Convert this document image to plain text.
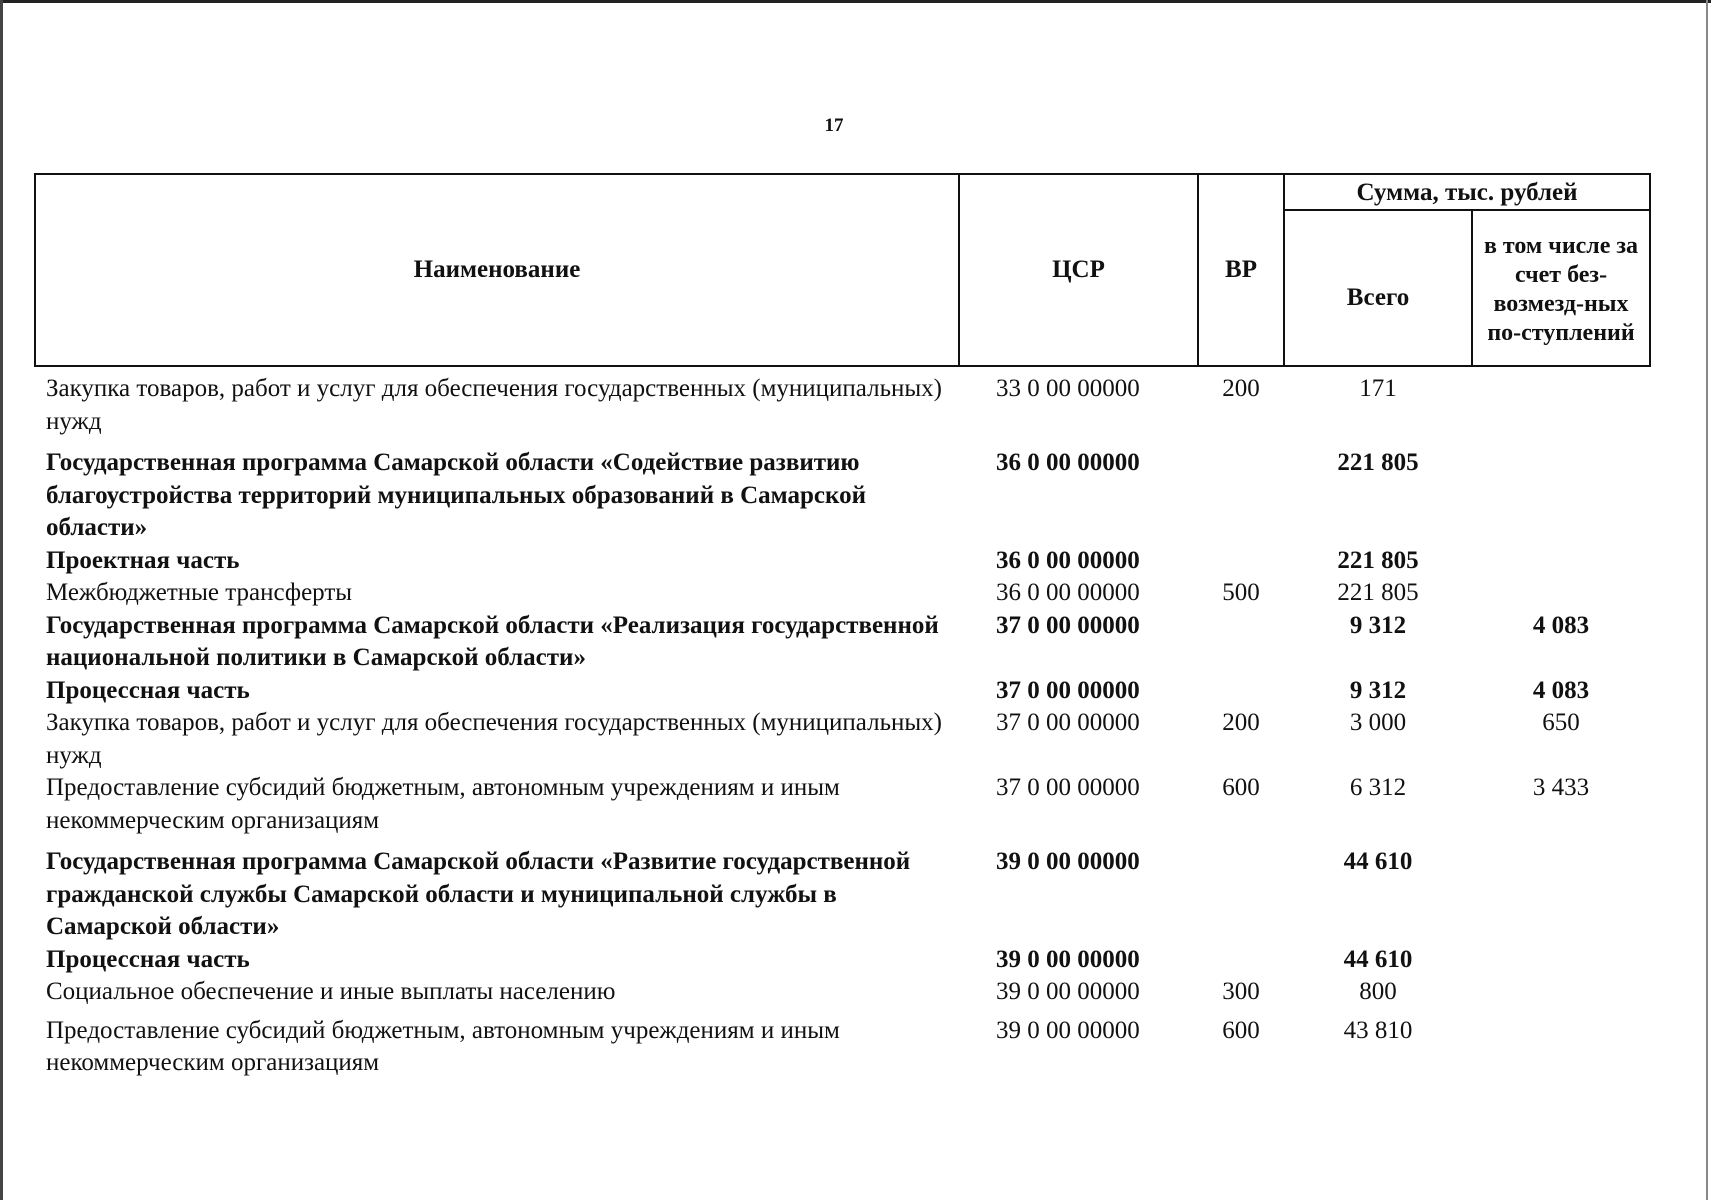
17
Наименование	ЦСР	ВР	Сумма, тыс. рублей	
			Всего	в том числе за счет без-возмезд-ных по-ступлений
Закупка товаров, работ и услуг для обеспечения государственных (муниципальных) нужд	33 0 00 00000	200	171	
Государственная программа Самарской области «Содействие развитию благоустройства территорий муниципальных образований в Самарской области»	36 0 00 00000		221 805	
Проектная часть	36 0 00 00000		221 805	
Межбюджетные трансферты	36 0 00 00000	500	221 805	
Государственная программа Самарской области «Реализация государственной национальной политики в Самарской области»	37 0 00 00000		9 312	4 083
Процессная часть	37 0 00 00000		9 312	4 083
Закупка товаров, работ и услуг для обеспечения государственных (муниципальных) нужд	37 0 00 00000	200	3 000	650
Предоставление субсидий бюджетным, автономным учреждениям и иным некоммерческим организациям	37 0 00 00000	600	6 312	3 433
Государственная программа Самарской области «Развитие государственной гражданской службы Самарской области и муниципальной службы в Самарской области»	39 0 00 00000		44 610	
Процессная часть	39 0 00 00000		44 610	
Социальное обеспечение и иные выплаты населению	39 0 00 00000	300	800	
Предоставление субсидий бюджетным, автономным учреждениям и иным некоммерческим организациям	39 0 00 00000	600	43 810	
